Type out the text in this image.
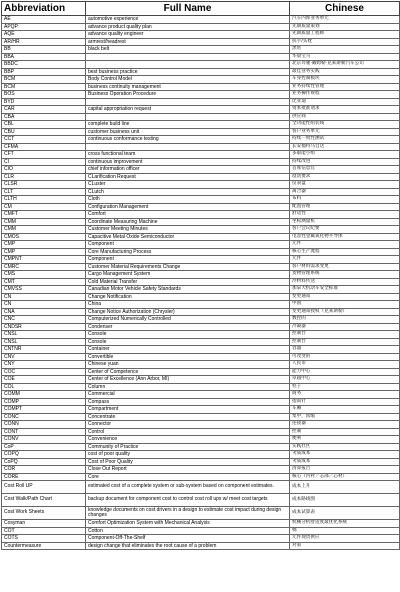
Abbreviation	Full Name	Chinese
AE	automotive experience	汽车内饰业务单元
APQP	advance product quality plan	先期质量策划
AQE	advance quality engineer	先期质量工程师
AR/HR	armrest/headrest	扶手/头枕
BB	black belt	黑带
BBA		华晨宝马
BBDC		北京奔驰·戴姆勒·克莱斯勒汽车公司
BBP	best business practice	最佳业务实践
BCM	Body Control Model	车身控制模块
BCM	business continuity management	业务持续性管理
BOS	Business Operation Procedure	业务操作规程
BYD		比亚迪
CAR	capital appropriation request	资本批准请求
CBA		供应商
CBL	complete build line	全功能性组装线
CBU	customer business unit	客户业务单元
CCT	continuous conformance testing	持续一致性测试
CFMA		长安福特马自达
CFT	cross functional team	多职能小组
CI	continuous improvement	持续改进
CIO	chief information officer	首席信息官
CLR	CLarification Request	澄清要求
CLSR	CLuster	仪表盘
CLT	CLutch	离合器
CLTH	Cloth	布料
CM	Configuration Management	配置管理
CMFT	Comfort	舒适性
CMM	Coordinate Measuring Machine	坐标测量机
CMM	Customer Meeting Minutes	客户会议纪要
CMOS	Capacitive Metal Oxide Semiconductor	电容性金属氧化物半导体
CMP	Component	元件
CMP	Core Manufacturing Process	核心生产流程
CMPNT	Component	元件
CMRC	Customer Material Requirements Change	客户材料需求变更
CMS	Cargo Management System	货物管理系统
CMT	Cold Material Transfer	冷材料传送
CMVSS	Canadian Motor Vehicle Safety Standards	加拿大机动车安全标准
CN	Change Notification	变更通知
CN	China	中国
CNA	Change Notice Authorization (Chrysler)	变更通知授权（克莱斯勒）
CNC	Computerized Numerically Controlled	数控的
CNDSR	Condenser	冷凝器
CNSL	Console	控制台
CNSL	Console	控制台
CNTNR	Container	容器
CNV	Convertible	可改变的
CNY	Chinese yuan	人民币
COC	Center of Competence	能力中心
COE	Center of Excellence (Ann Arbor, MI)	卓越中心
COL	Column	柱子
COMM	Commercial	商务
COMP	Compass	指南针
COMPT	Compartment	车厢
CONC	Concentrate	集中，浓缩
CONN	Connector	连接器
CONT	Control	控制
CONV	Convenience	便利
CoP	Community of Practice	实践社区
COPQ	cost of poor quality	劣质成本
CoPQ	Cost of Poor Quality	劣质成本
COR	Close Out Report	清算报告
CORE	Core	核心（内衬／芯部／芯材）
Cost Roll UP	estimated cost of a complete system or sub-system based on component estimates.	成本上升
Cost Walk/Path Chart	backup document for component cost to control cost roll ups w/ meet cost targets	成本路线图
Cost Work Sheets	knowledge documents on cost drivers in a design to estimate cost impact during design changes	成本试算表
Cosyman	Comfort Optimization System with Mechanical Analysis	机械分析舒适度最优化系统
COT	Cotton	棉
COTS	Component-Off-The-Shelf	元件现货供应
Countermeasure	design change that eliminates the root cause of a problem	对策
